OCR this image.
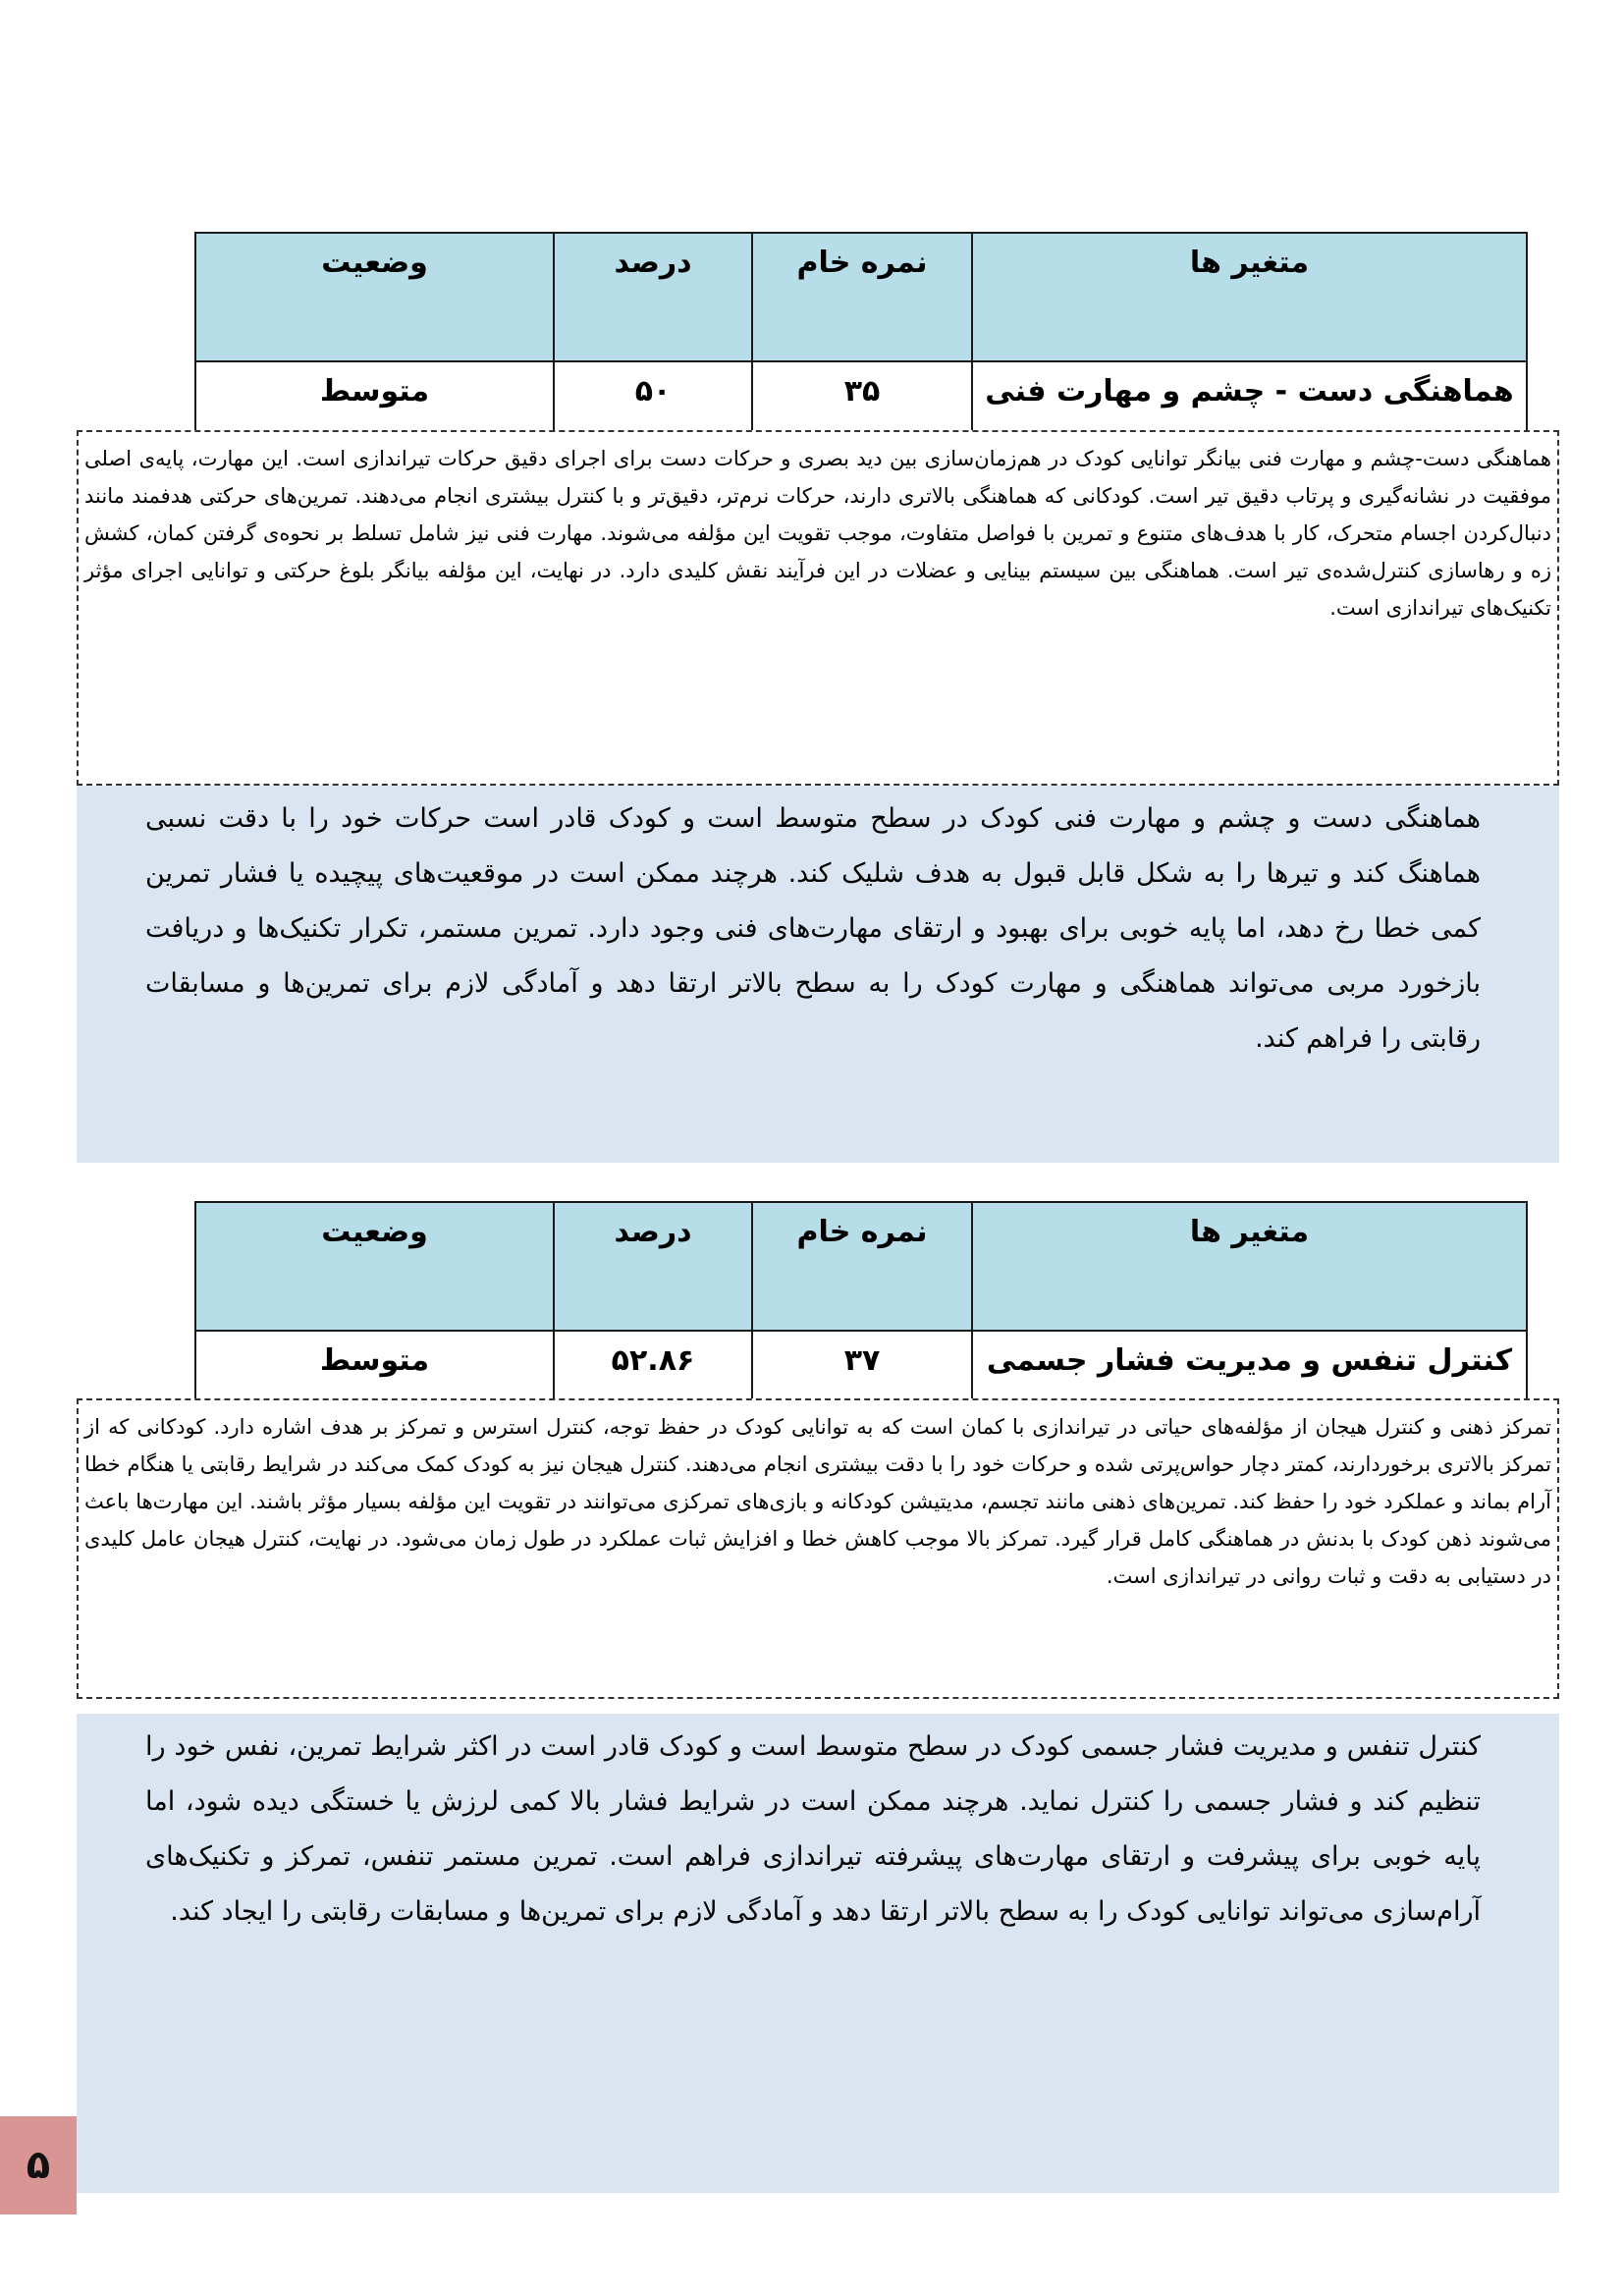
متغیر ها	نمره خام	درصد	وضعیت
هماهنگی دست - چشم و مهارت فنی	۳۵	۵۰	متوسط
هماهنگی دست-چشم و مهارت فنی بیانگر توانایی کودک در هم‌زمان‌سازی بین دید بصری و حرکات دست برای اجرای دقیق حرکات تیراندازی است. این مهارت، پایه‌ی اصلی موفقیت در نشانه‌گیری و پرتاب دقیق تیر است. کودکانی که هماهنگی بالاتری دارند، حرکات نرم‌تر، دقیق‌تر و با کنترل بیشتری انجام می‌دهند. تمرین‌های حرکتی هدفمند مانند دنبال‌کردن اجسام متحرک، کار با هدف‌های متنوع و تمرین با فواصل متفاوت، موجب تقویت این مؤلفه می‌شوند. مهارت فنی نیز شامل تسلط بر نحوه‌ی گرفتن کمان، کشش زه و رهاسازی کنترل‌شده‌ی تیر است. هماهنگی بین سیستم بینایی و عضلات در این فرآیند نقش کلیدی دارد. در نهایت، این مؤلفه بیانگر بلوغ حرکتی و توانایی اجرای مؤثر تکنیک‌های تیراندازی است.
هماهنگی دست و چشم و مهارت فنی کودک در سطح متوسط است و کودک قادر است حرکات خود را با دقت نسبی هماهنگ کند و تیرها را به شکل قابل قبول به هدف شلیک کند. هرچند ممکن است در موقعیت‌های پیچیده یا فشار تمرین کمی خطا رخ دهد، اما پایه خوبی برای بهبود و ارتقای مهارت‌های فنی وجود دارد. تمرین مستمر، تکرار تکنیک‌ها و دریافت بازخورد مربی می‌تواند هماهنگی و مهارت کودک را به سطح بالاتر ارتقا دهد و آمادگی لازم برای تمرین‌ها و مسابقات رقابتی را فراهم کند.
متغیر ها	نمره خام	درصد	وضعیت
کنترل تنفس و مدیریت فشار جسمی	۳۷	۵۲.۸۶	متوسط
تمرکز ذهنی و کنترل هیجان از مؤلفه‌های حیاتی در تیراندازی با کمان است که به توانایی کودک در حفظ توجه، کنترل استرس و تمرکز بر هدف اشاره دارد. کودکانی که از تمرکز بالاتری برخوردارند، کمتر دچار حواس‌پرتی شده و حرکات خود را با دقت بیشتری انجام می‌دهند. کنترل هیجان نیز به کودک کمک می‌کند در شرایط رقابتی یا هنگام خطا آرام بماند و عملکرد خود را حفظ کند. تمرین‌های ذهنی مانند تجسم، مدیتیشن کودکانه و بازی‌های تمرکزی می‌توانند در تقویت این مؤلفه بسیار مؤثر باشند. این مهارت‌ها باعث می‌شوند ذهن کودک با بدنش در هماهنگی کامل قرار گیرد. تمرکز بالا موجب کاهش خطا و افزایش ثبات عملکرد در طول زمان می‌شود. در نهایت، کنترل هیجان عامل کلیدی در دستیابی به دقت و ثبات روانی در تیراندازی است.
کنترل تنفس و مدیریت فشار جسمی کودک در سطح متوسط است و کودک قادر است در اکثر شرایط تمرین، نفس خود را تنظیم کند و فشار جسمی را کنترل نماید. هرچند ممکن است در شرایط فشار بالا کمی لرزش یا خستگی دیده شود، اما پایه خوبی برای پیشرفت و ارتقای مهارت‌های پیشرفته تیراندازی فراهم است. تمرین مستمر تنفس، تمرکز و تکنیک‌های آرام‌سازی می‌تواند توانایی کودک را به سطح بالاتر ارتقا دهد و آمادگی لازم برای تمرین‌ها و مسابقات رقابتی را ایجاد کند.
۵
